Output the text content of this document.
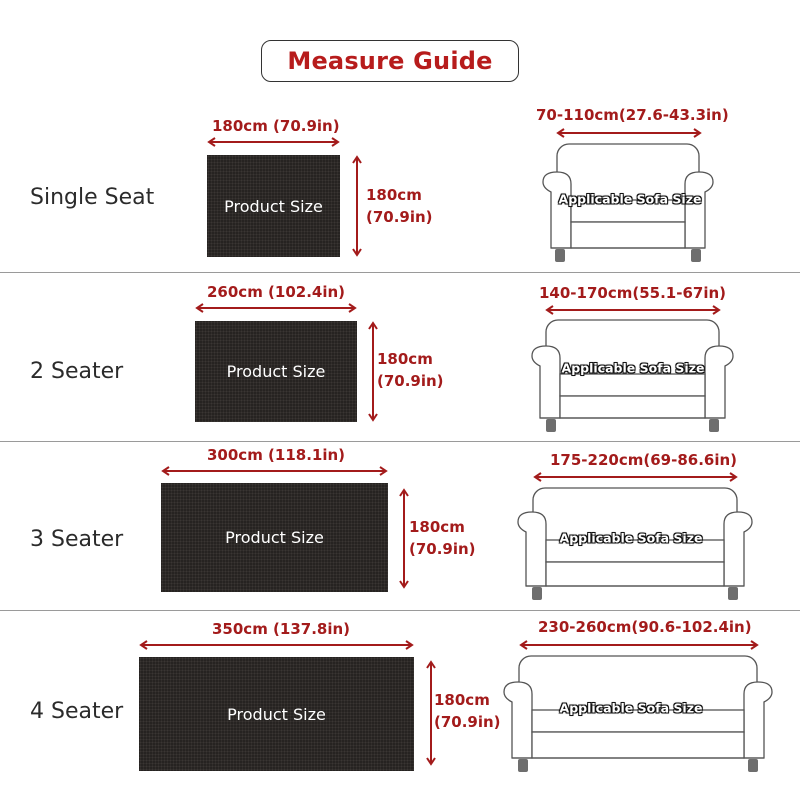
Measure Guide
Single Seat
180cm (70.9in)
Product Size
180cm
(70.9in)
70-110cm(27.6-43.3in)
Applicable Sofa Size
2 Seater
260cm (102.4in)
Product Size
180cm
(70.9in)
140-170cm(55.1-67in)
Applicable Sofa Size
3 Seater
300cm (118.1in)
Product Size
180cm
(70.9in)
175-220cm(69-86.6in)
Applicable Sofa Size
4 Seater
350cm (137.8in)
Product Size
180cm
(70.9in)
230-260cm(90.6-102.4in)
Applicable Sofa Size
